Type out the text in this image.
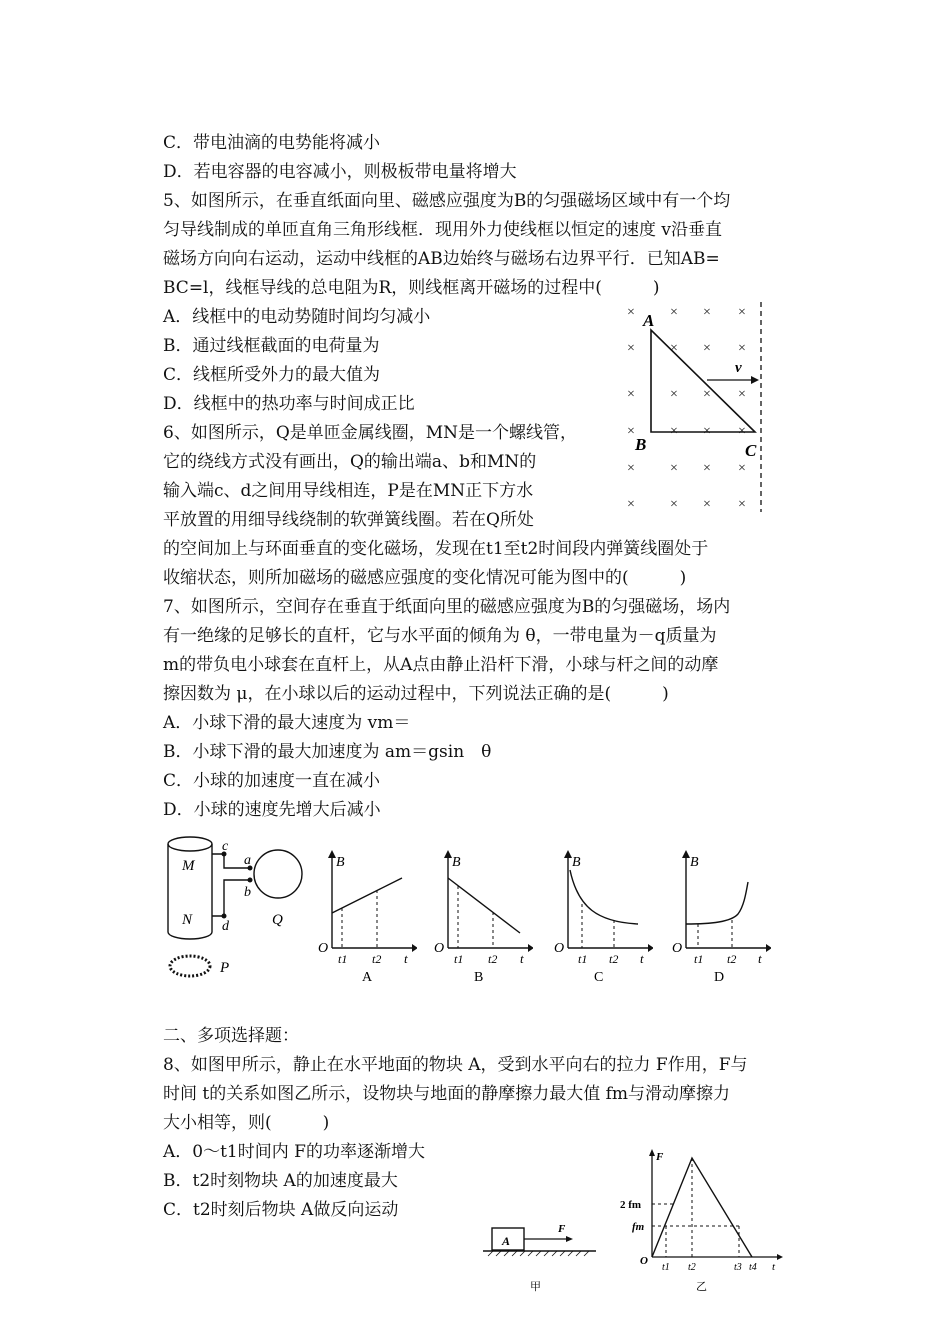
C．带电油滴的电势能将减小
D．若电容器的电容减小，则极板带电量将增大
5、如图所示，在垂直纸面向里、磁感应强度为B的匀强磁场区域中有一个均
匀导线制成的单匝直角三角形线框．现用外力使线框以恒定的速度 v沿垂直
磁场方向向右运动，运动中线框的AB边始终与磁场右边界平行．已知AB=
BC=l，线框导线的总电阻为R，则线框离开磁场的过程中(　　　)
A．线框中的电动势随时间均匀减小
B．通过线框截面的电荷量为
C．线框所受外力的最大值为
D．线框中的热功率与时间成正比
6、如图所示，Q是单匝金属线圈，MN是一个螺线管，
它的绕线方式没有画出，Q的输出端a、b和MN的
输入端c、d之间用导线相连，P是在MN正下方水
平放置的用细导线绕制的软弹簧线圈。若在Q所处
的空间加上与环面垂直的变化磁场，发现在t1至t2时间段内弹簧线圈处于
收缩状态，则所加磁场的磁感应强度的变化情况可能为图中的(　　　)
7、如图所示，空间存在垂直于纸面向里的磁感应强度为B的匀强磁场，场内
有一绝缘的足够长的直杆，它与水平面的倾角为 θ，一带电量为－q质量为
m的带负电小球套在直杆上，从A点由静止沿杆下滑，小球与杆之间的动摩
擦因数为 μ，在小球以后的运动过程中，下列说法正确的是(　　　)
A．小球下滑的最大速度为 vm＝
B．小球下滑的最大加速度为 am＝gsin　θ
C．小球的加速度一直在减小
D．小球的速度先增大后减小
二、多项选择题：
8、如图甲所示，静止在水平地面的物块 A，受到水平向右的拉力 F作用，F与
时间 t的关系如图乙所示，设物块与地面的静摩擦力最大值 fm与滑动摩擦力
大小相等，则(　　　)
A．0～t1时间内 F的功率逐渐增大
B．t2时刻物块 A的加速度最大
C．t2时刻后物块 A做反向运动
×	× × ×
×	× × ×
×	× × ×
×	× × ×
×	× × ×
×	× × ×
v
A
B	C
M
N
c
a
b
d	Q
P
B
O
t1 t2 t
A
B
O
t1 t2 t
B
B
O
t1 t2 t
C
B
O
t1 t2 t
D
A
F
甲
F
2 fm
fm
O
t1 t2	t3 t4 t
乙
